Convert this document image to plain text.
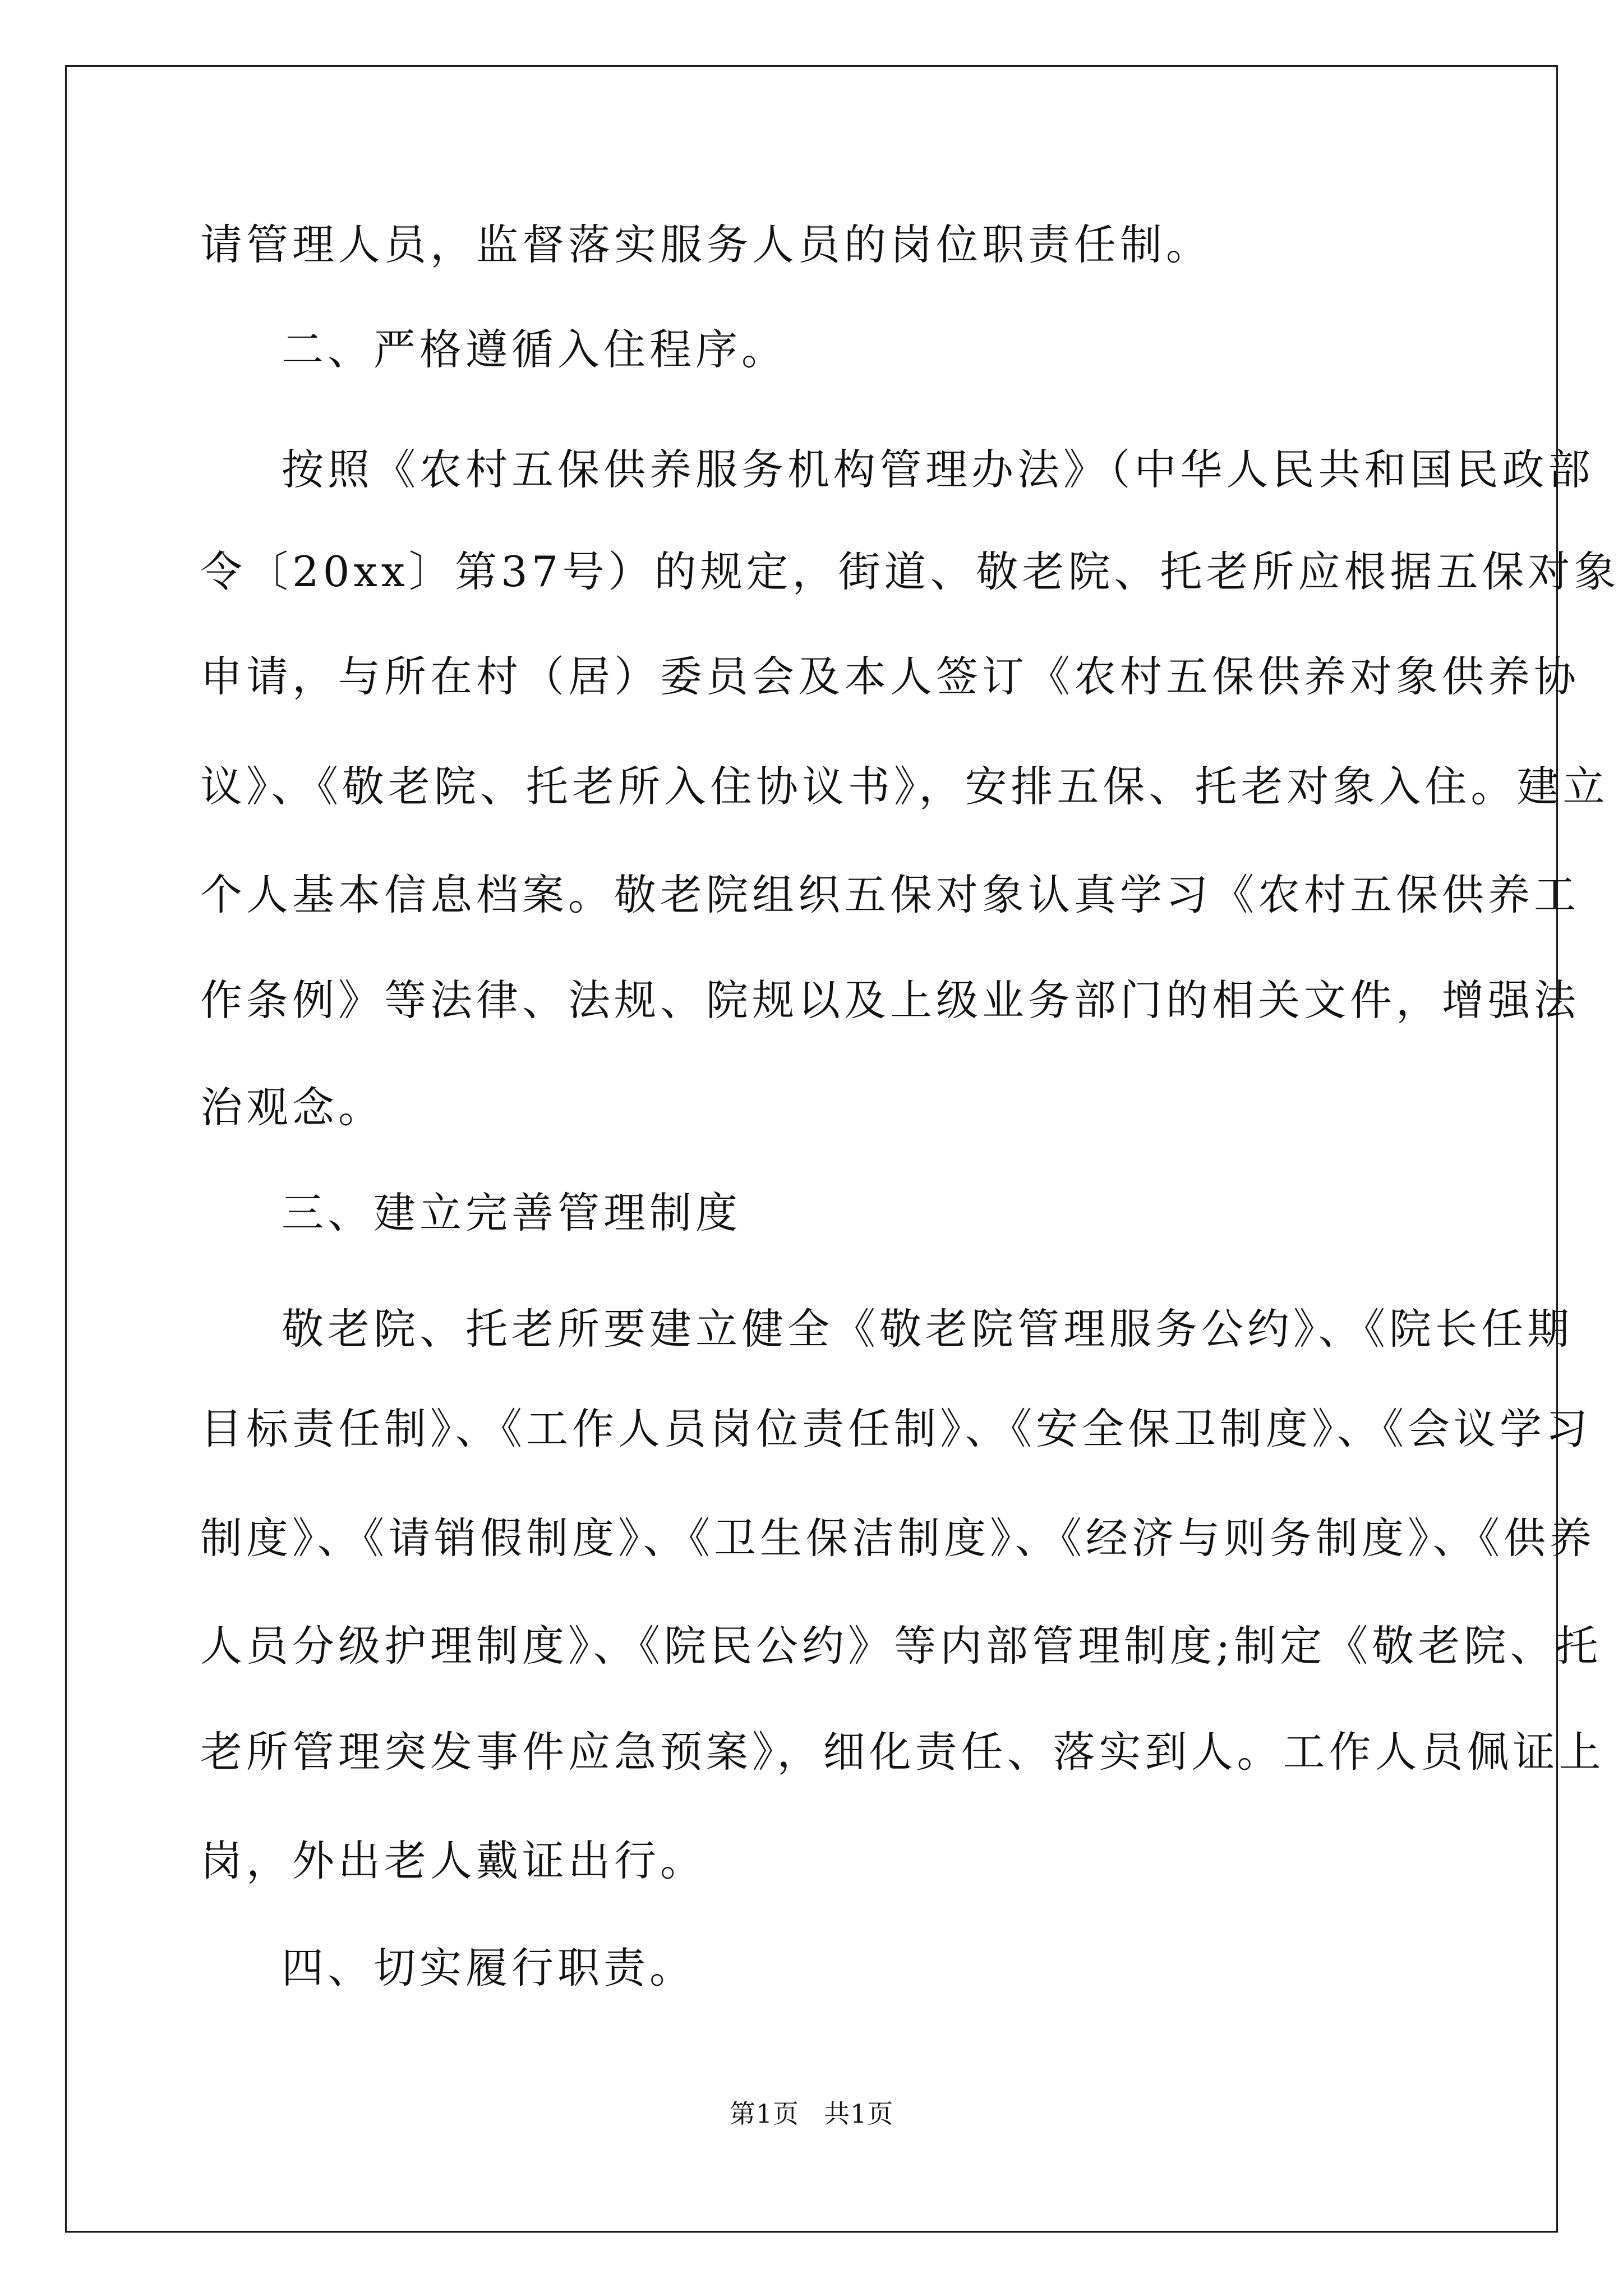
请管理人员，监督落实服务人员的岗位职责任制。

二、严格遵循入住程序。

按照《农村五保供养服务机构管理办法》（中华人民共和国民政部

令〔20xx〕第37号）的规定，街道、敬老院、托老所应根据五保对象

申请，与所在村（居）委员会及本人签订《农村五保供养对象供养协

议》、《敬老院、托老所入住协议书》，安排五保、托老对象入住。建立

个人基本信息档案。敬老院组织五保对象认真学习《农村五保供养工

作条例》等法律、法规、院规以及上级业务部门的相关文件，增强法

治观念。

三、建立完善管理制度

敬老院、托老所要建立健全《敬老院管理服务公约》、《院长任期

目标责任制》、《工作人员岗位责任制》、《安全保卫制度》、《会议学习

制度》、《请销假制度》、《卫生保洁制度》、《经济与则务制度》、《供养

人员分级护理制度》、《院民公约》等内部管理制度;制定《敬老院、托

老所管理突发事件应急预案》，细化责任、落实到人。工作人员佩证上

岗，外出老人戴证出行。

四、切实履行职责。

第1页 共1页
